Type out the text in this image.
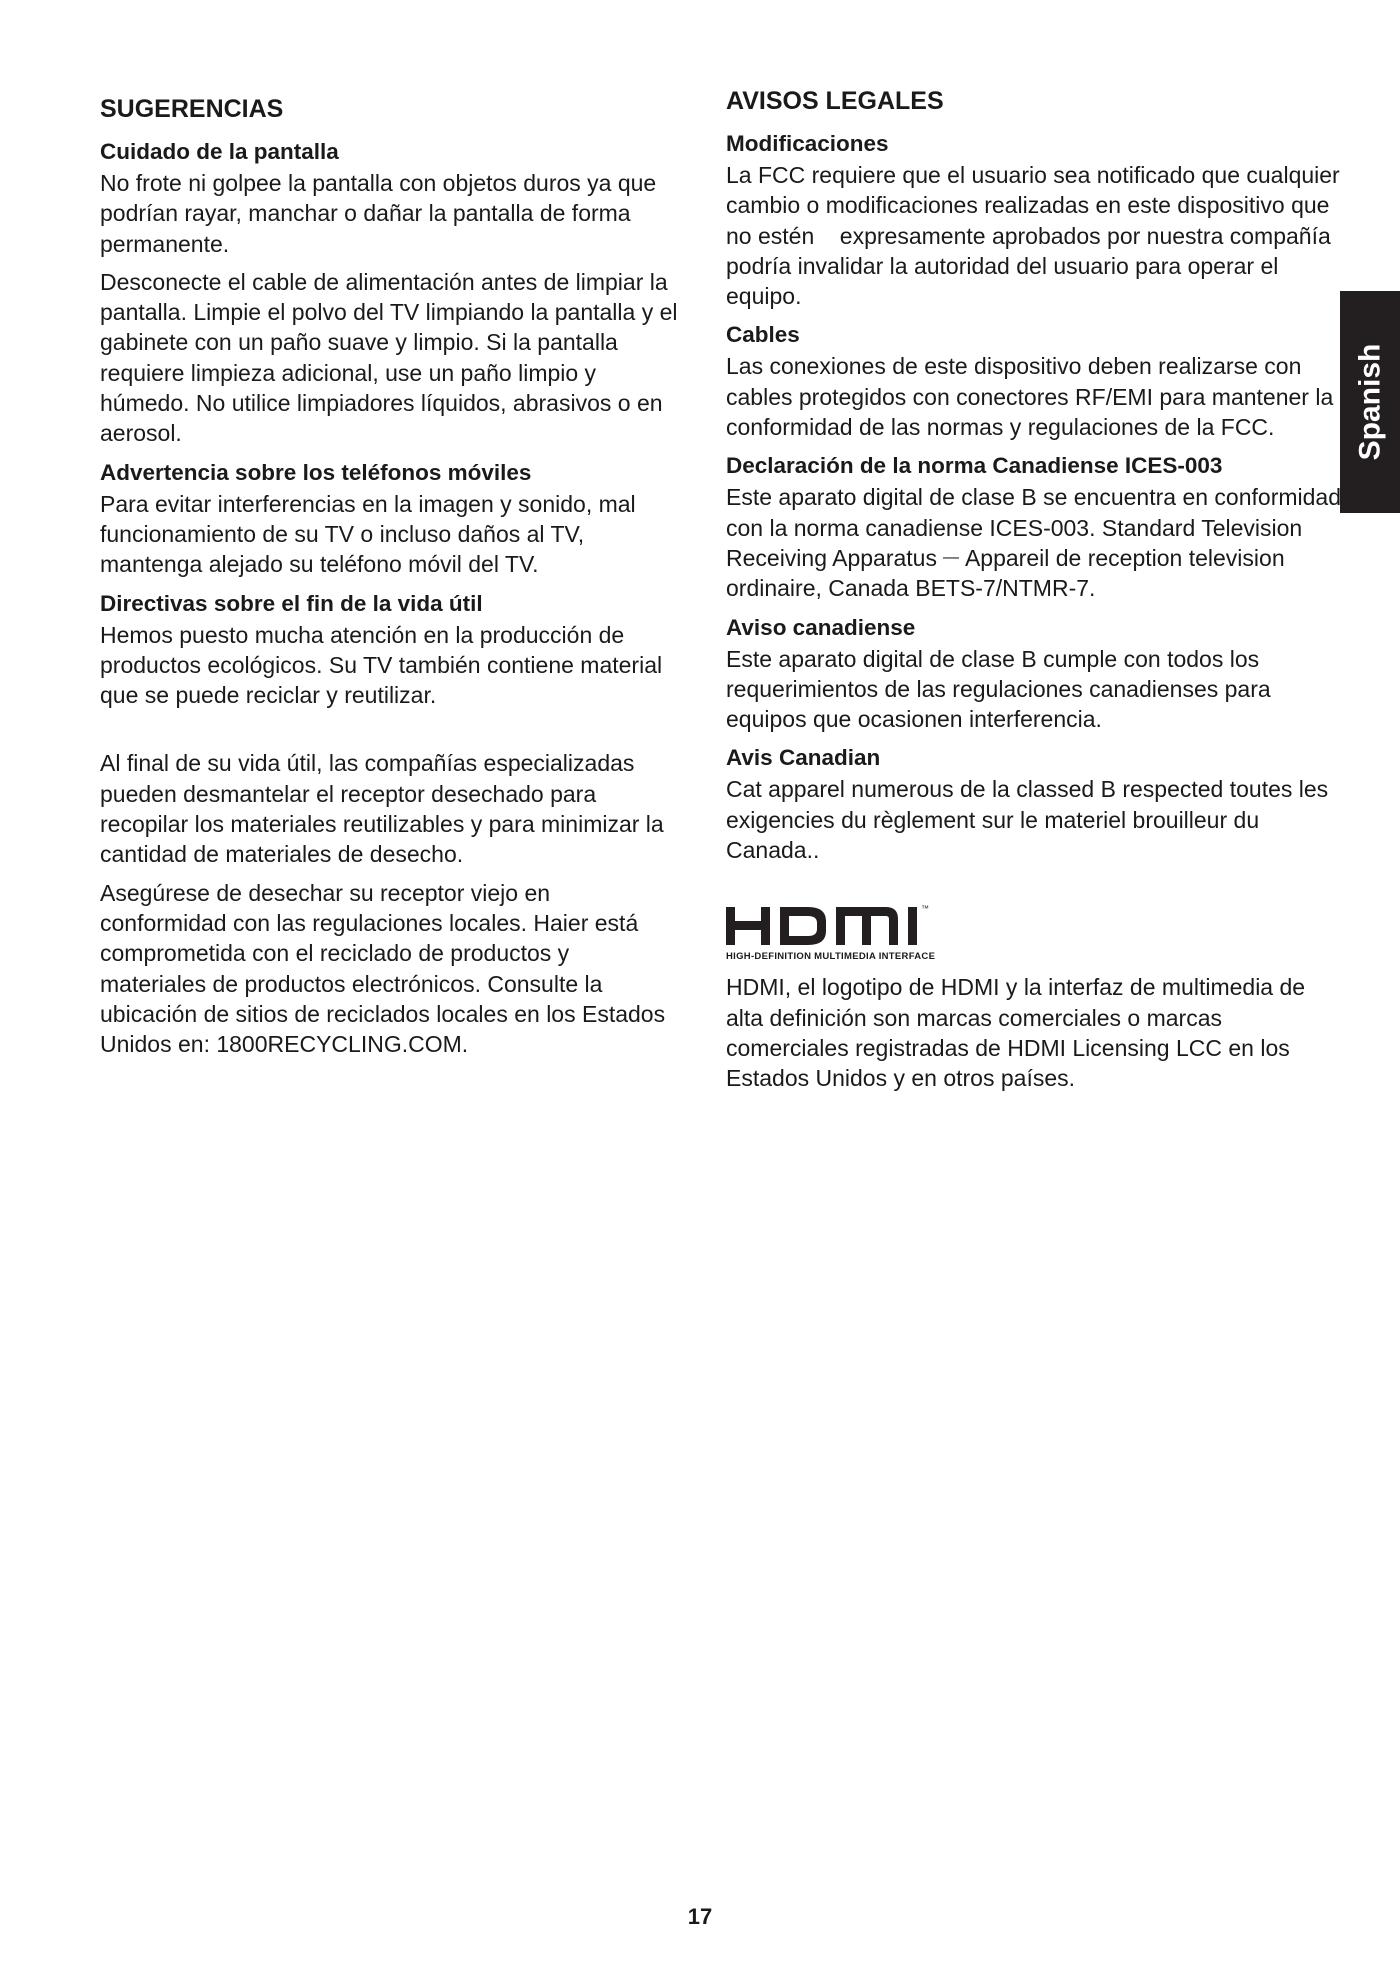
Spanish
SUGERENCIAS
Cuidado de la pantalla

No frote ni golpee la pantalla con objetos duros ya que podrían rayar, manchar o dañar la pantalla de forma permanente.

Desconecte el cable de alimentación antes de limpiar la pantalla. Limpie el polvo del TV limpiando la pantalla y el gabinete con un paño suave y limpio. Si la pantalla requiere limpieza adicional, use un paño limpio y húmedo. No utilice limpiadores líquidos, abrasivos o en aerosol.

Advertencia sobre los teléfonos móviles

Para evitar interferencias en la imagen y sonido, mal funcionamiento de su TV o incluso daños al TV, mantenga alejado su teléfono móvil del TV.

Directivas sobre el fin de la vida útil

Hemos puesto mucha atención en la producción de productos ecológicos. Su TV también contiene material que se puede reciclar y reutilizar.

Al final de su vida útil, las compañías especializadas pueden desmantelar el receptor desechado para recopilar los materiales reutilizables y para minimizar la cantidad de materiales de desecho.

Asegúrese de desechar su receptor viejo en conformidad con las regulaciones locales. Haier está comprometida con el reciclado de productos y materiales de productos electrónicos. Consulte la ubicación de sitios de reciclados locales en los Estados Unidos en: 1800RECYCLING.COM.

AVISOS LEGALES
Modificaciones

La FCC requiere que el usuario sea notificado que cualquier cambio o modificaciones realizadas en este dispositivo que no estén    expresamente aprobados por nuestra compañía podría invalidar la autoridad del usuario para operar el equipo.

Cables

Las conexiones de este dispositivo deben realizarse con cables protegidos con conectores RF/EMI para mantener la conformidad de las normas y regulaciones de la FCC.

Declaración de la norma Canadiense ICES-003

Este aparato digital de clase B se encuentra en conformidad con la norma canadiense ICES-003. Standard Television Receiving Apparatus — Appareil de reception television ordinaire, Canada BETS-7/NTMR-7.

Aviso canadiense

Este aparato digital de clase B cumple con todos los requerimientos de las regulaciones canadienses para equipos que ocasionen interferencia.

Avis Canadian

Cat apparel numerous de la classed B respected toutes les exigencies du règlement sur le materiel brouilleur du Canada..

™
HIGH-DEFINITION MULTIMEDIA INTERFACE

HDMI, el logotipo de HDMI y la interfaz de multimedia de alta definición son marcas comerciales o marcas comerciales registradas de HDMI Licensing LCC en los Estados Unidos y en otros países.

17
